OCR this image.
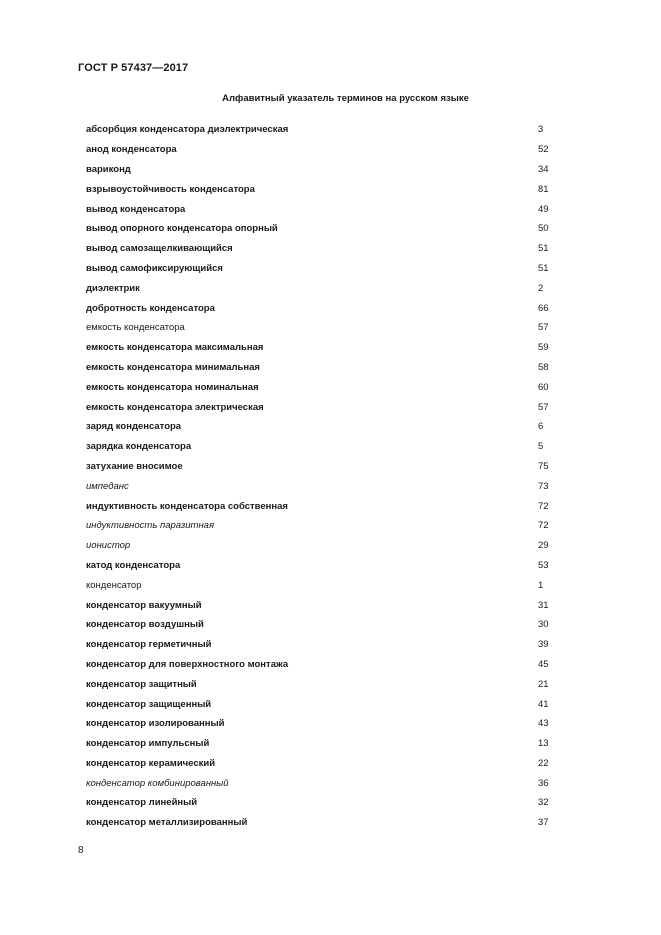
ГОСТ Р 57437—2017
Алфавитный указатель терминов на русском языке
абсорбция конденсатора диэлектрическая	3
анод конденсатора	52
вариконд	34
взрывоустойчивость конденсатора	81
вывод конденсатора	49
вывод опорного конденсатора опорный	50
вывод самозащелкивающийся	51
вывод самофиксирующийся	51
диэлектрик	2
добротность конденсатора	66
емкость конденсатора	57
емкость конденсатора максимальная	59
емкость конденсатора минимальная	58
емкость конденсатора номинальная	60
емкость конденсатора электрическая	57
заряд конденсатора	6
зарядка конденсатора	5
затухание вносимое	75
импеданс	73
индуктивность конденсатора собственная	72
индуктивность паразитная	72
ионистор	29
катод конденсатора	53
конденсатор	1
конденсатор вакуумный	31
конденсатор воздушный	30
конденсатор герметичный	39
конденсатор для поверхностного монтажа	45
конденсатор защитный	21
конденсатор защищенный	41
конденсатор изолированный	43
конденсатор импульсный	13
конденсатор керамический	22
конденсатор комбинированный	36
конденсатор линейный	32
конденсатор металлизированный	37
8
